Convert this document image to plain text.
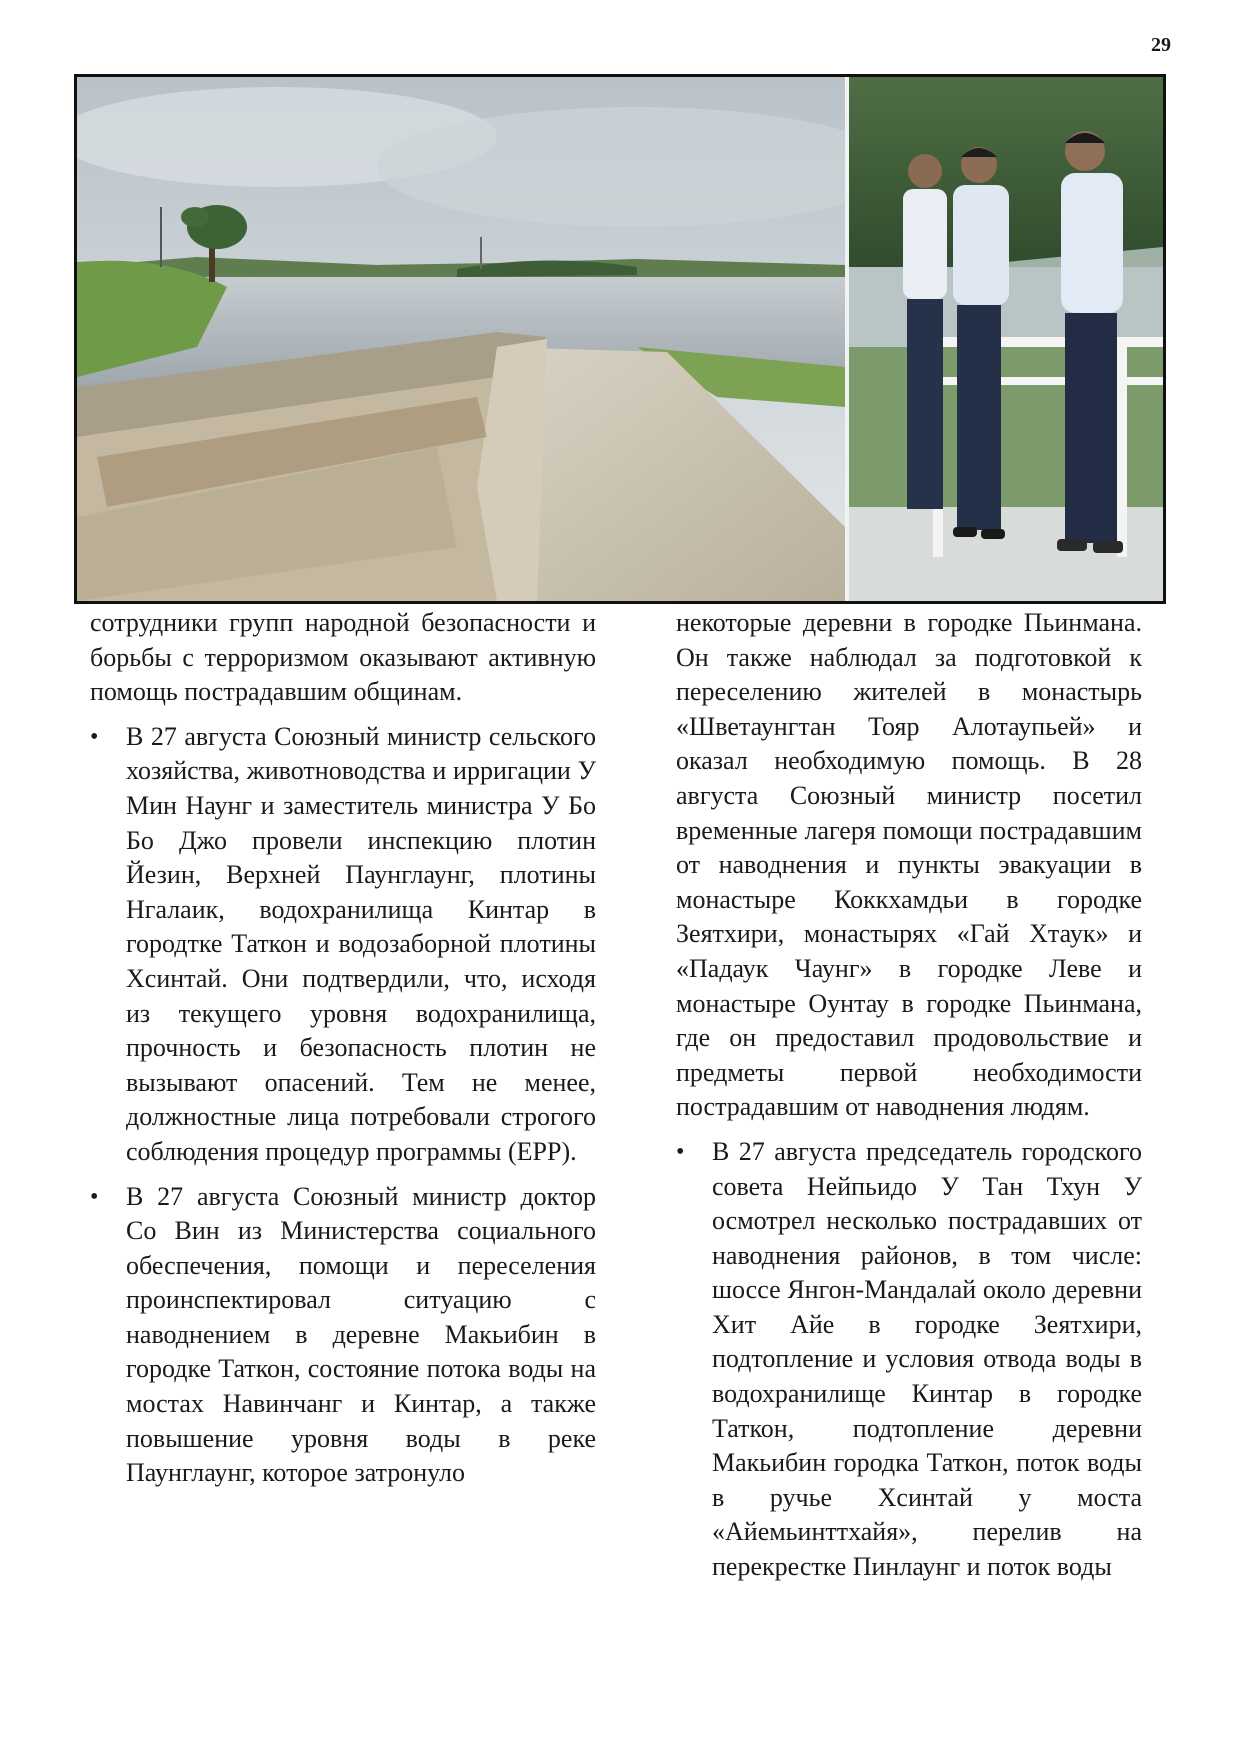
29

сотрудники групп народной безопасности и борьбы с терроризмом оказывают активную помощь пострадавшим общинам.

• В 27 августа Союзный министр сельского хозяйства, животноводства и ирригации У Мин Наунг и заместитель министра У Бо Бо Джо провели инспекцию плотин Йезин, Верхней Паунглаунг, плотины Нгалаик, водохранилища Кинтар в городтке Таткон и водозаборной плотины Хсинтай. Они подтвердили, что, исходя из текущего уровня водохранилища, прочность и безопасность плотин не вызывают опасений. Тем не менее, должностные лица потребовали строгого соблюдения процедур программы (EPP).
• В 27 августа Союзный министр доктор Со Вин из Министерства социального обеспечения, помощи и переселения проинспектировал ситуацию с наводнением в деревне Макьибин в городке Таткон, состояние потока воды на мостах Навинчанг и Кинтар, а также повышение уровня воды в реке Паунглаунг, которое затронуло

некоторые деревни в городке Пьинмана. Он также наблюдал за подготовкой к переселению жителей в монастырь «Шветаунгтан Тояр Алотаупьей» и оказал необходимую помощь. В 28 августа Союзный министр посетил временные лагеря помощи пострадавшим от наводнения и пункты эвакуации в монастыре Коккхамдьи в городке Зеятхири, монастырях «Гай Хтаук» и «Падаук Чаунг» в городке Леве и монастыре Оунтау в городке Пьинмана, где он предоставил продовольствие и предметы первой необходимости пострадавшим от наводнения людям.

• В 27 августа председатель городского совета Нейпьидо У Тан Тхун У осмотрел несколько пострадавших от наводнения районов, в том числе: шоссе Янгон-Мандалай около деревни Хит Айе в городке Зеятхири, подтопление и условия отвода воды в водохранилище Кинтар в городке Таткон, подтопление деревни Макьибин городка Таткон, поток воды в ручье Хсинтай у моста «Айемьинттхайя», перелив на перекрестке Пинлаунг и поток воды
